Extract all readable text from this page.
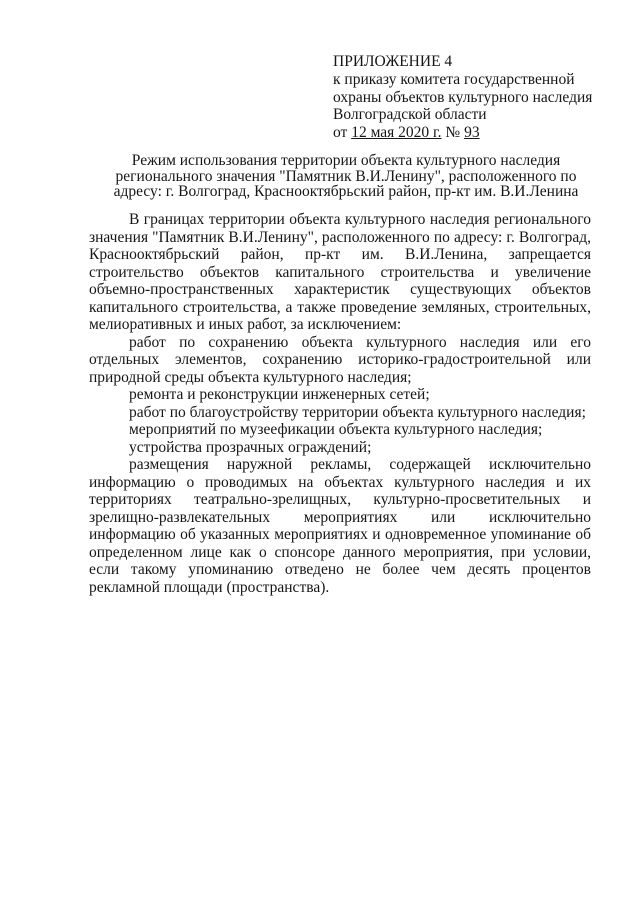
ПРИЛОЖЕНИЕ 4
к приказу комитета государственной
охраны объектов культурного наследия
Волгоградской области
от 12 мая 2020 г. № 93
Режим использования территории объекта культурного наследия
регионального значения "Памятник В.И.Ленину", расположенного по
адресу: г. Волгоград, Краснооктябрьский район, пр-кт им. В.И.Ленина

В границах территории объекта культурного наследия регионального значения "Памятник В.И.Ленину", расположенного по адресу: г. Волгоград, Краснооктябрьский район, пр-кт им. В.И.Ленина, запрещается строительство объектов капитального строительства и увеличение объемно-пространственных характеристик существующих объектов капитального строительства, а также проведение земляных, строительных, мелиоративных и иных работ, за исключением:

работ по сохранению объекта культурного наследия или его отдельных элементов, сохранению историко-градостроительной или природной среды объекта культурного наследия;

ремонта и реконструкции инженерных сетей;

работ по благоустройству территории объекта культурного наследия;

мероприятий по музеефикации объекта культурного наследия;

устройства прозрачных ограждений;

размещения наружной рекламы, содержащей исключительно информацию о проводимых на объектах культурного наследия и их территориях театрально-зрелищных, культурно-просветительных и зрелищно-развлекательных мероприятиях или исключительно информацию об указанных мероприятиях и одновременное упоминание об определенном лице как о спонсоре данного мероприятия, при условии, если такому упоминанию отведено не более чем десять процентов рекламной площади (пространства).
